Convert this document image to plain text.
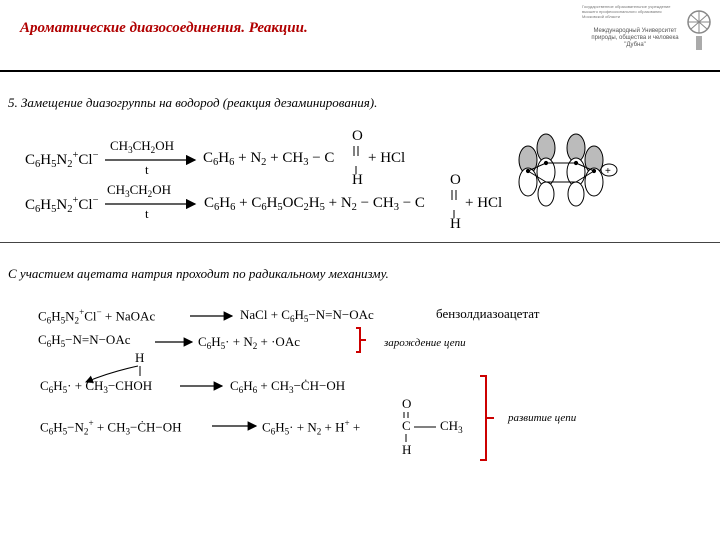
Ароматические диазосоединения. Реакции.
Государственное образовательное учреждение высшего профессионального образования Московской области
Международный Университет природы, общества и человека "Дубна"
5. Замещение диазогруппы на водород (реакция дезаминирования).
$C_6H_5N_2^+Cl^-$
$CH_3CH_2OH$
t
$C_6H_6 + N_2 + CH_3 - C$
O
H
+ HCl
$C_6H_5N_2^+Cl^-$
$CH_3CH_2OH$
t
$C_6H_6 + C_6H_5OC_2H_5 + N_2 - CH_3 - C$
O
H
+ HCl
С участием ацетата натрия проходит по радикальному механизму.
$C_6H_5N_2^+Cl^-$ + NaOAc	NaCl + $C_6H_5-N=N-OAc$	бензолдиазоацетат
$C_6H_5-N=N-OAc$	$C_6H_5\cdot + N_2 + \cdot OAc$	зарождение цепи
H
$C_6H_5\cdot$ + $CH_3-CHOH$	$C_6H_6$ + $CH_3-ĊH-OH$
$C_6H_5-N_2^+$ + $CH_3-ĊH-OH$	$C_6H_5\cdot + N_2 + H^+$ +
O
C $CH_3$
H
развитие цепи
+
